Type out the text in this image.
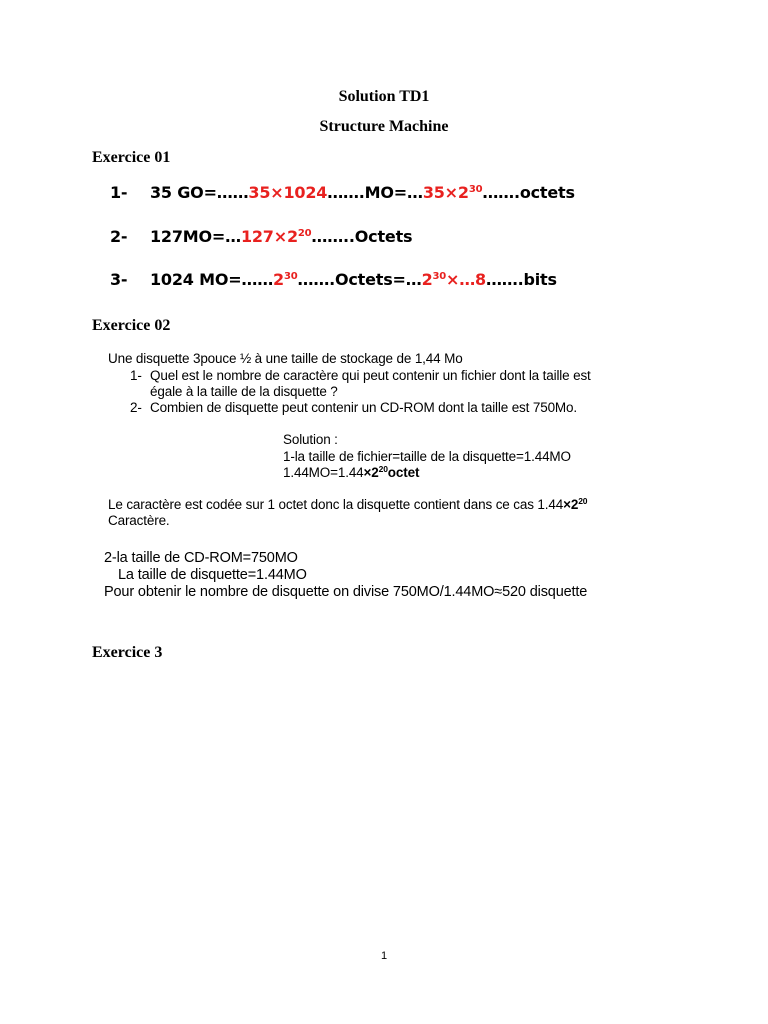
Solution TD1
Structure Machine
Exercice 01
1- 35 $GO=\dots\dots 35\times 1024\dots\dots.MO=\dots 35\times 2^{30}\dots\dots.octets$
2- $127MO=\dots 127\times 2^{20}\dots\dots..Octets$
3- 1024 $MO=\dots\dots 2^{30}\dots\dots.Octets=\dots 2^{30}\times\dots 8\dots\dots.bits$
Exercice 02
Une disquette 3pouce ½ à une taille de stockage de 1,44 Mo
1- Quel est le nombre de caractère qui peut contenir un fichier dont la taille est
égale à la taille de la disquette ?
2- Combien de disquette peut contenir un CD-ROM dont la taille est 750Mo.
Solution :
1-la taille de fichier=taille de la disquette=1.44MO
$1.44MO=1.44\times 2^{20}octet$
Le caractère est codée sur 1 octet donc la disquette contient dans ce cas $1.44\times 2^{20}$
Caractère.
2-la taille de CD-ROM=750MO
La taille de disquette=1.44MO
Pour obtenir le nombre de disquette on divise 750MO/1.44MO≈520 disquette
Exercice 3
1
